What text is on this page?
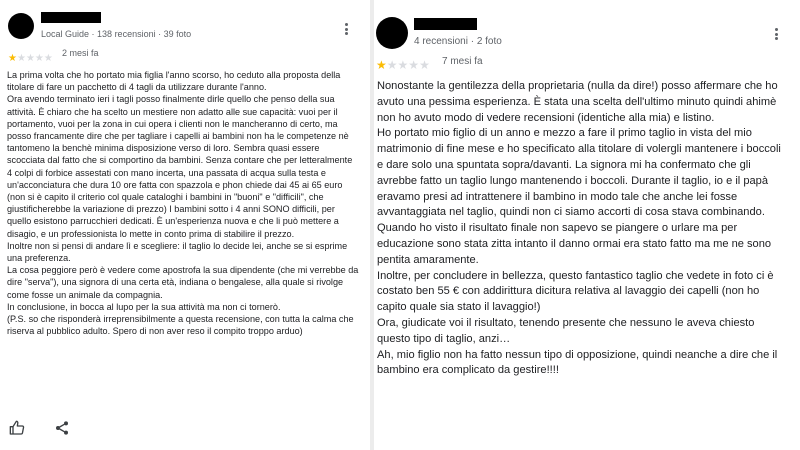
Local Guide · 138 recensioni · 39 foto
★★★★★ 2 mesi fa

La prima volta che ho portato mia figlia l'anno scorso, ho ceduto alla proposta della titolare di fare un pacchetto di 4 tagli da utilizzare durante l'anno.

Ora avendo terminato ieri i tagli posso finalmente dirle quello che penso della sua attività. È chiaro che ha scelto un mestiere non adatto alle sue capacità: vuoi per il portamento, vuoi per la zona in cui opera i clienti non le mancheranno di certo, ma posso francamente dire che per tagliare i capelli ai bambini non ha le competenze nè tantomeno la benchè minima disposizione verso di loro. Sembra quasi essere scocciata dal fatto che si comportino da bambini. Senza contare che per letteralmente 4 colpi di forbice assestati con mano incerta, una passata di acqua sulla testa e un'acconciatura che dura 10 ore fatta con spazzola e phon chiede dai 45 ai 65 euro (non si è capito il criterio col quale cataloghi i bambini in "buoni" e "difficili", che giustificherebbe la variazione di prezzo) I bambini sotto i 4 anni SONO difficili, per quello esistono parrucchieri dedicati. È un'esperienza nuova e che li può mettere a disagio, e un professionista lo mette in conto prima di stabilire il prezzo.

Inoltre non si pensi di andare lì e scegliere: il taglio lo decide lei, anche se si esprime una preferenza.

La cosa peggiore però è vedere come apostrofa la sua dipendente (che mi verrebbe da dire "serva"), una signora di una certa età, indiana o bengalese, alla quale si rivolge come fosse un animale da compagnia.

In conclusione, in bocca al lupo per la sua attività ma non ci tornerò.

(P.S. so che risponderà irreprensibilmente a questa recensione, con tutta la calma che riserva al pubblico adulto. Spero di non aver reso il compito troppo arduo)

4 recensioni · 2 foto
★★★★★ 7 mesi fa

Nonostante la gentilezza della proprietaria (nulla da dire!) posso affermare che ho avuto una pessima esperienza. È stata una scelta dell'ultimo minuto quindi ahimè non ho avuto modo di vedere recensioni (identiche alla mia) e listino.

Ho portato mio figlio di un anno e mezzo a fare il primo taglio in vista del mio matrimonio di fine mese e ho specificato alla titolare di volergli mantenere i boccoli e dare solo una spuntata sopra/davanti. La signora mi ha confermato che gli avrebbe fatto un taglio lungo mantenendo i boccoli. Durante il taglio, io e il papà eravamo presi ad intrattenere il bambino in modo tale che anche lei fosse avvantaggiata nel taglio, quindi non ci siamo accorti di cosa stava combinando. Quando ho visto il risultato finale non sapevo se piangere o urlare ma per educazione sono stata zitta intanto il danno ormai era stato fatto ma me ne sono pentita amaramente.

Inoltre, per concludere in bellezza, questo fantastico taglio che vedete in foto ci è costato ben 55 € con addirittura dicitura relativa al lavaggio dei capelli (non ho capito quale sia stato il lavaggio!)

Ora, giudicate voi il risultato, tenendo presente che nessuno le aveva chiesto questo tipo di taglio, anzi…

Ah, mio figlio non ha fatto nessun tipo di opposizione, quindi neanche a dire che il bambino era complicato da gestire!!!!
